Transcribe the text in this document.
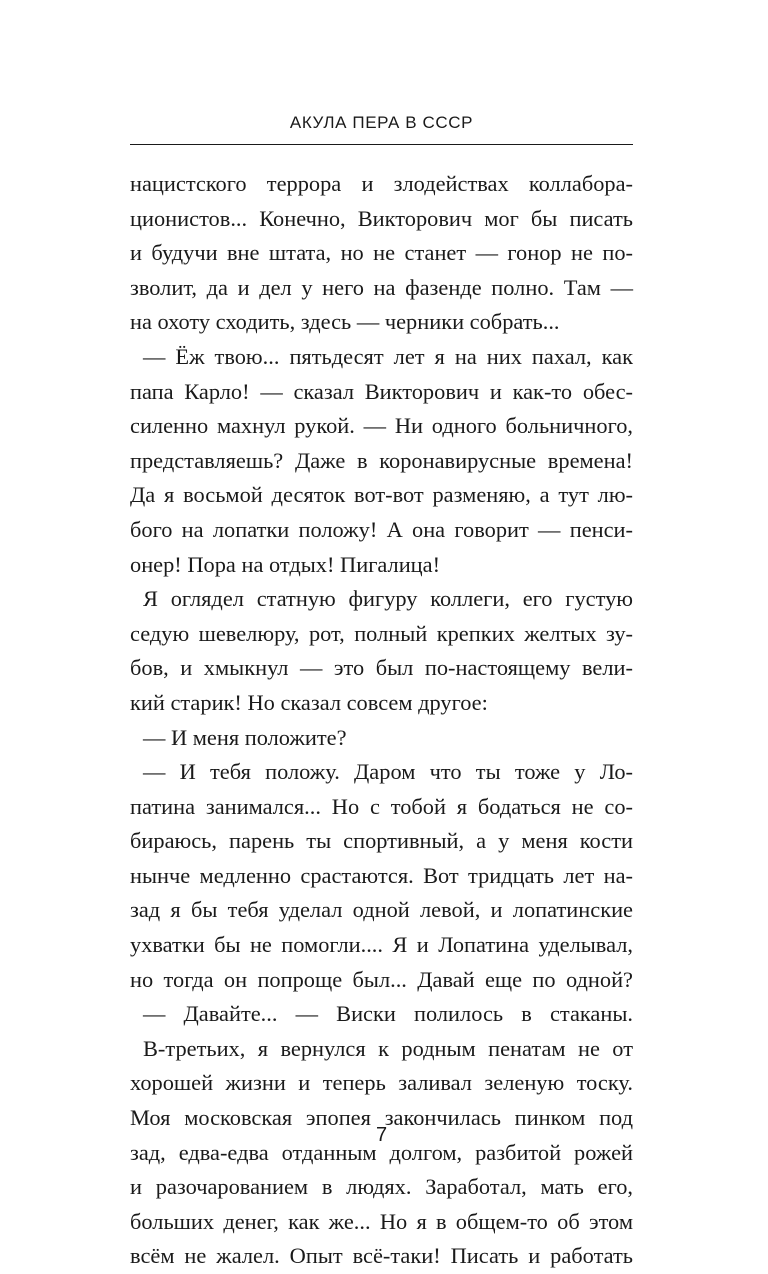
АКУЛА ПЕРА В СССР
нацистского террора и злодействах коллабора-
ционистов... Конечно, Викторович мог бы писать
и будучи вне штата, но не станет — гонор не по-
зволит, да и дел у него на фазенде полно. Там —
на охоту сходить, здесь — черники собрать...
— Ёж твою... пятьдесят лет я на них пахал, как
папа Карло! — сказал Викторович и как-то обес-
силенно махнул рукой. — Ни одного больничного,
представляешь? Даже в коронавирусные времена!
Да я восьмой десяток вот-вот разменяю, а тут лю-
бого на лопатки положу! А она говорит — пенси-
онер! Пора на отдых! Пигалица!
Я оглядел статную фигуру коллеги, его густую
седую шевелюру, рот, полный крепких желтых зу-
бов, и хмыкнул — это был по-настоящему вели-
кий старик! Но сказал совсем другое:
— И меня положите?
— И тебя положу. Даром что ты тоже у Ло-
патина занимался... Но с тобой я бодаться не со-
бираюсь, парень ты спортивный, а у меня кости
нынче медленно срастаются. Вот тридцать лет на-
зад я бы тебя уделал одной левой, и лопатинские
ухватки бы не помогли.... Я и Лопатина уделывал,
но тогда он попроще был... Давай еще по одной?
— Давайте... — Виски полилось в стаканы.
В-третьих, я вернулся к родным пенатам не от
хорошей жизни и теперь заливал зеленую тоску.
Моя московская эпопея закончилась пинком под
зад, едва-едва отданным долгом, разбитой рожей
и разочарованием в людях. Заработал, мать его,
больших денег, как же... Но я в общем-то об этом
всём не жалел. Опыт всё-таки! Писать и работать
7
